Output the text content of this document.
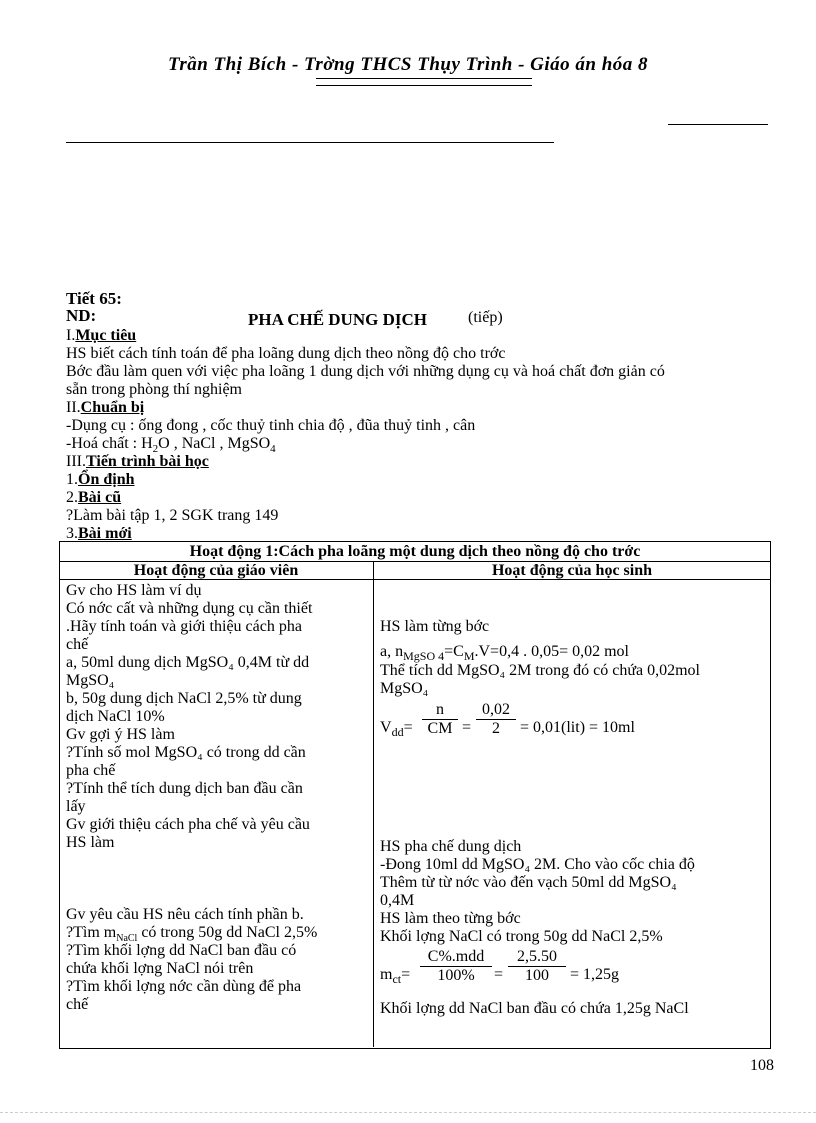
Trần Thị Bích - Trờng THCS Thụy Trình - Giáo án hóa 8
Tiết 65:
ND:	PHA CHẾ DUNG DỊCH	(tiếp)
I.Mục tiêu
HS biết cách tính toán để pha loãng dung dịch theo nồng độ cho trớc
Bớc đầu làm quen với việc pha loãng 1 dung dịch với những dụng cụ và hoá chất đơn giản có
sẵn trong phòng thí nghiệm
II.Chuẩn bị
-Dụng cụ : ống đong , cốc thuỷ tinh chia độ , đũa thuỷ tinh , cân
-Hoá chất : $H_2O$ , NaCl , MgSO$_4$
III.Tiến trình bài học
1.Ổn định
2.Bài cũ
?Làm bài tập 1, 2 SGK trang 149
3.Bài mới
Hoạt động 1:Cách pha loãng một dung dịch theo nồng độ cho trớc
Hoạt động của giáo viên	Hoạt động của học sinh
Gv cho HS làm ví dụ
Có nớc cất và những dụng cụ cần thiết
.Hãy tính toán và giới thiệu cách pha
chế
a, 50ml dung dịch MgSO₄ 0,4M từ dd
MgSO₄
b, 50g dung dịch NaCl 2,5% từ dung
dịch NaCl 10%
Gv gợi ý HS làm
?Tính số mol MgSO₄ có trong dd cần
pha chế
?Tính thể tích dung dịch ban đầu cần
lấy
Gv giới thiệu cách pha chế và yêu cầu
HS làm
Gv yêu cầu HS nêu cách tính phần b.
?Tìm $m_{NaCl}$ có trong 50g dd NaCl 2,5%
?Tìm khối lợng dd NaCl ban đầu có
chứa khối lợng NaCl nói trên
?Tìm khối lợng nớc cần dùng để pha
chế
HS làm từng bớc
a, $n_{MgSO 4}=C_M.V=0,4$ . 0,05= 0,02 mol
Thể tích dd MgSO₄ 2M trong đó có chứa 0,02mol
MgSO₄
$V_{dd}= \frac{n}{CM} = \frac{0,02}{2} = 0,01(lit) = 10ml$
HS pha chế dung dịch
-Đong 10ml dd MgSO₄ 2M. Cho vào cốc chia độ
Thêm từ từ nớc vào đến vạch 50ml dd MgSO₄
0,4M
HS làm theo từng bớc
Khối lợng NaCl có trong 50g dd NaCl 2,5%
$m_{ct}=$
C%.mdd
100%	= $\frac{2,5.50}{100} = 1,25g$
Khối lợng dd NaCl ban đầu có chứa 1,25g NaCl
108
